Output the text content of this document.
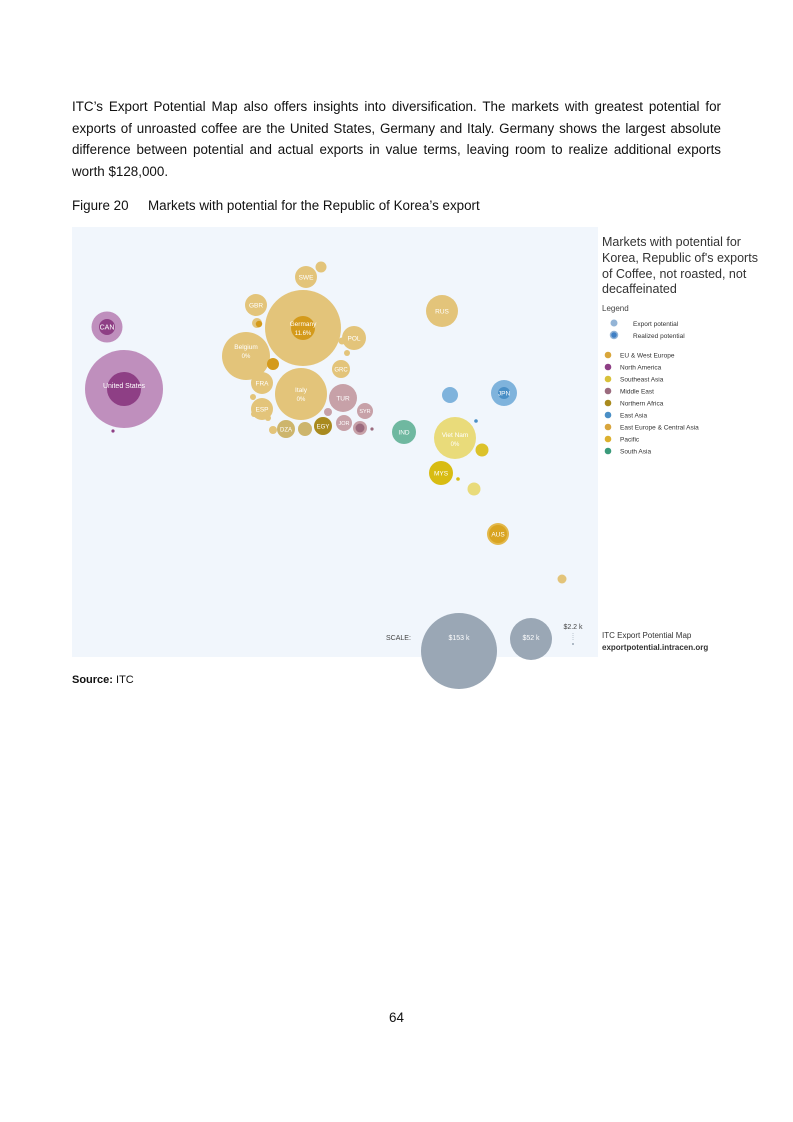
ITC’s Export Potential Map also offers insights into diversification. The markets with greatest potential for exports of unroasted coffee are the United States, Germany and Italy. Germany shows the largest absolute difference between potential and actual exports in value terms, leaving room to realize additional exports worth $128,000.

Figure 20 Markets with potential for the Republic of Korea’s export

Markets with potential for
Korea, Republic of's exports
of Coffee, not roasted, not
decaffeinated
Legend
Export potential
Realized potential
EU & West Europe
North America
Southeast Asia
Middle East
Northern Africa
East Asia
East Europe & Central Asia
Pacific
South Asia
United States
CAN	Germany
11.6%
Italy
0%
Belgium
0%
SWE
GBR
POL
GRC
FRA
ESP
TUR
SYR
JOR
DZA	EGY
RUS
JPN
IND	Viet Nam
0%
MYS
AUS
SCALE:	$153 k	$52 k
$2.2 k
ITC Export Potential Map
exportpotential.intracen.org
Source: ITC
64
